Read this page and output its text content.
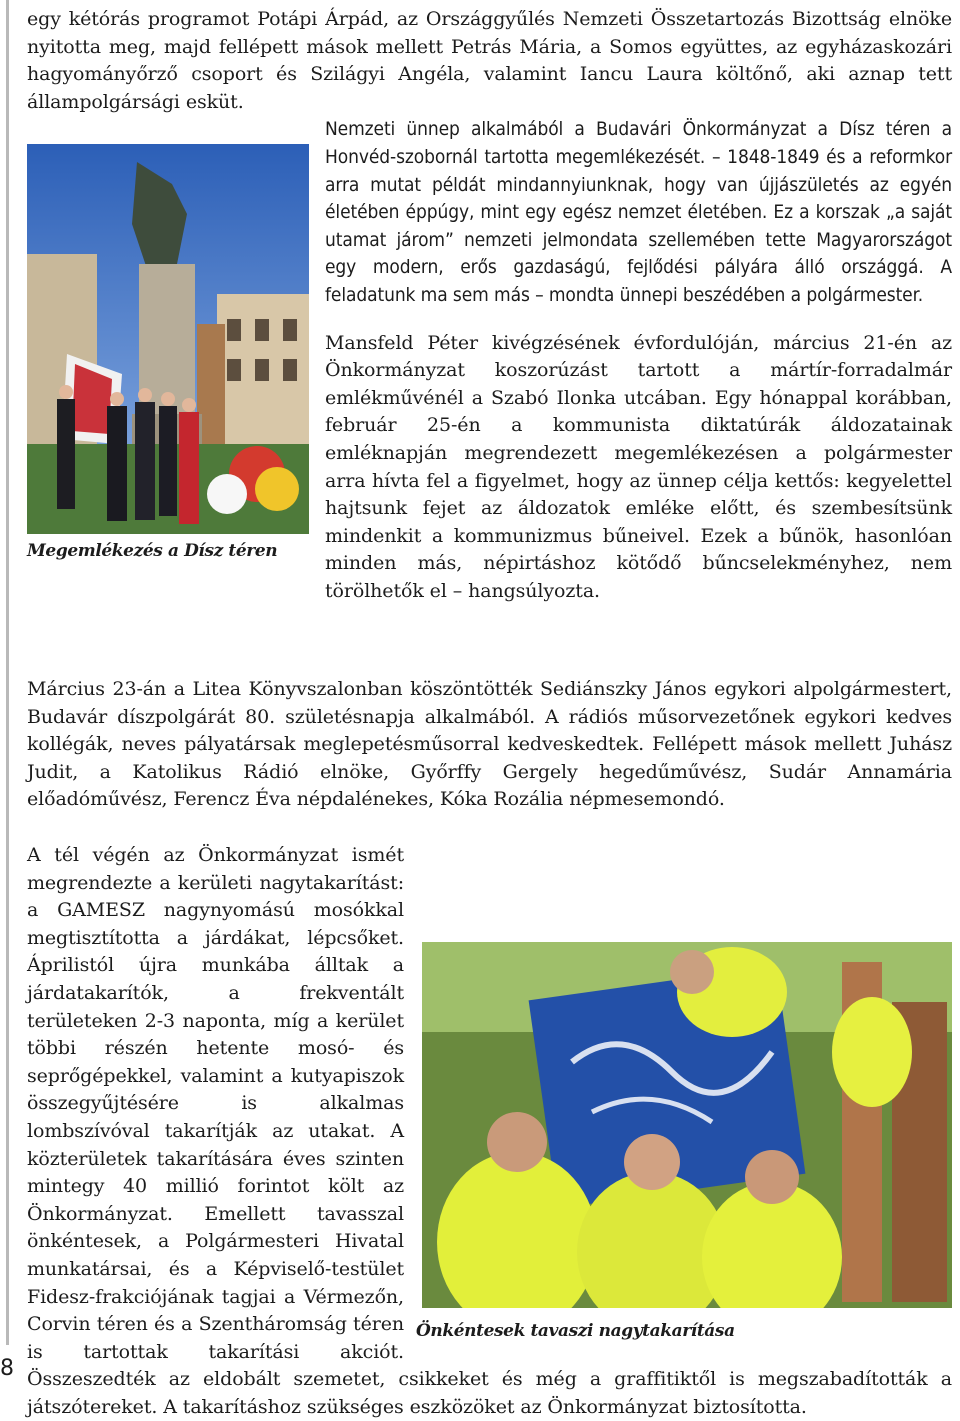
egy kétórás programot Potápi Árpád, az Országgyűlés Nemzeti Összetartozás Bizottság elnöke nyitotta meg, majd fellépett mások mellett Petrás Mária, a Somos együttes, az egyházaskozári hagyományőrző csoport és Szilágyi Angéla, valamint Iancu Laura költőnő, aki aznap tett állampolgársági esküt.

Megemlékezés a Dísz téren

Nemzeti ünnep alkalmából a Budavári Önkormányzat a Dísz téren a Honvéd-szobornál tartotta megemlékezését. – 1848-1849 és a reformkor arra mutat példát mindannyiunknak, hogy van újjászületés az egyén életében éppúgy, mint egy egész nemzet életében. Ez a korszak „a saját utamat járom” nemzeti jelmondata szellemében tette Magyarországot egy modern, erős gazdaságú, fejlődési pályára álló országgá. A feladatunk ma sem más – mondta ünnepi beszédében a polgármester.

Mansfeld Péter kivégzésének évfordulóján, március 21-én az Önkormányzat koszorúzást tartott a mártír-forradalmár emlékművénél a Szabó Ilonka utcában. Egy hónappal korábban, február 25-én a kommunista diktatúrák áldozatainak emléknapján megrendezett megemlékezésen a polgármester arra hívta fel a figyelmet, hogy az ünnep célja kettős: kegyelettel hajtsunk fejet az áldozatok emléke előtt, és szembesítsünk mindenkit a kommunizmus bűneivel. Ezek a bűnök, hasonlóan minden más, népirtáshoz kötődő bűncselekményhez, nem törölhetők el – hangsúlyozta.

Március 23-án a Litea Könyvszalonban köszöntötték Sediánszky János egykori alpolgármestert, Budavár díszpolgárát 80. születésnapja alkalmából. A rádiós műsorvezetőnek egykori kedves kollégák, neves pályatársak meglepetésműsorral kedveskedtek. Fellépett mások mellett Juhász Judit, a Katolikus Rádió elnöke, Győrffy Gergely hegedűművész, Sudár Annamária előadóművész, Ferencz Éva népdalénekes, Kóka Rozália népmesemondó.

Önkéntesek tavaszi nagytakarítása

A tél végén az Önkormányzat ismét megrendezte a kerületi nagytakarítást: a GAMESZ nagynyomású mosókkal megtisztította a járdákat, lépcsőket. Áprilistól újra munkába álltak a járdatakarítók, a frekventált területeken 2-3 naponta, míg a kerület többi részén hetente mosó- és seprőgépekkel, valamint a kutyapiszok összegyűjtésére is alkalmas lombszívóval takarítják az utakat. A közterületek takarítására éves szinten mintegy 40 millió forintot költ az Önkormányzat. Emellett tavasszal önkéntesek, a Polgármesteri Hivatal munkatársai, és a Képviselő-testület Fidesz-frakciójának tagjai a Vérmezőn, Corvin téren és a Szentháromság téren is tartottak takarítási akciót. Összeszedték az eldobált szemetet, csikkeket és még a graffitiktől is megszabadították a játszótereket. A takarításhoz szükséges eszközöket az Önkormányzat biztosította.

8
